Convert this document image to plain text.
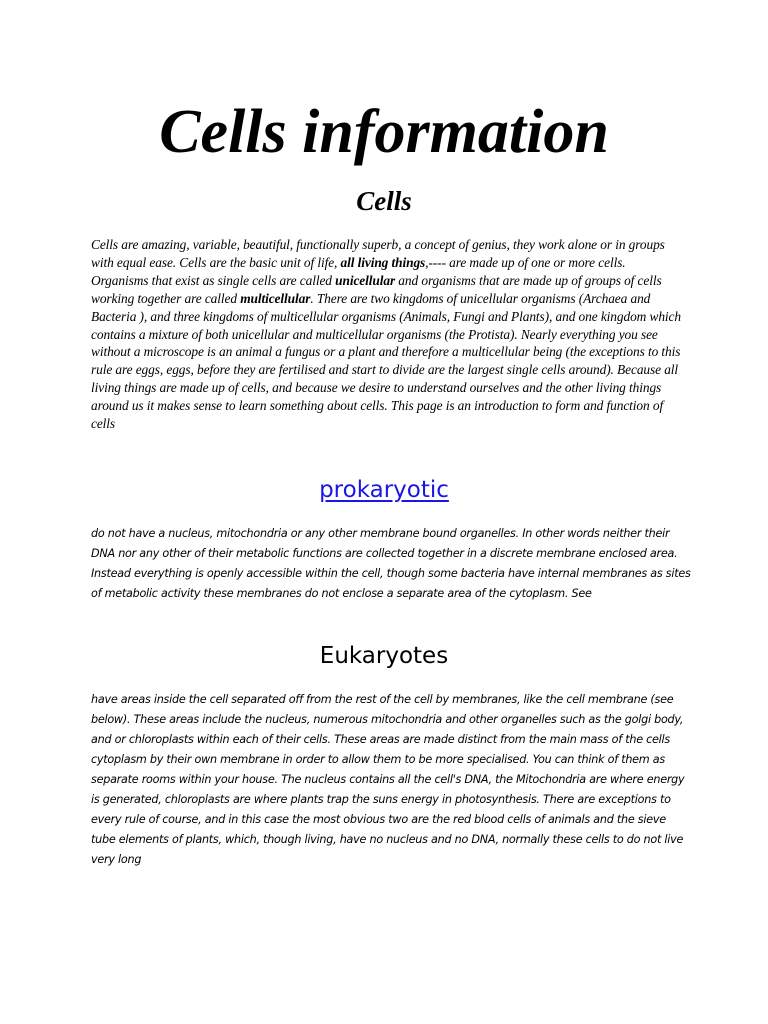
Cells information
Cells

Cells are amazing, variable, beautiful, functionally superb, a concept of genius, they work alone or in groups with equal ease. Cells are the basic unit of life, all living things,---- are made up of one or more cells. Organisms that exist as single cells are called unicellular and organisms that are made up of groups of cells working together are called multicellular. There are two kingdoms of unicellular organisms (Archaea and Bacteria ), and three kingdoms of multicellular organisms (Animals, Fungi and Plants), and one kingdom which contains a mixture of both unicellular and multicellular organisms (the Protista). Nearly everything you see without a microscope is an animal a fungus or a plant and therefore a multicellular being (the exceptions to this rule are eggs, eggs, before they are fertilised and start to divide are the largest single cells around). Because all living things are made up of cells, and because we desire to understand ourselves and the other living things around us it makes sense to learn something about cells. This page is an introduction to form and function of cells

prokaryotic

do not have a nucleus, mitochondria or any other membrane bound organelles. In other words neither their DNA nor any other of their metabolic functions are collected together in a discrete membrane enclosed area. Instead everything is openly accessible within the cell, though some bacteria have internal membranes as sites of metabolic activity these membranes do not enclose a separate area of the cytoplasm. See

Eukaryotes

have areas inside the cell separated off from the rest of the cell by membranes, like the cell membrane (see below). These areas include the nucleus, numerous mitochondria and other organelles such as the golgi body, and or chloroplasts within each of their cells. These areas are made distinct from the main mass of the cells cytoplasm by their own membrane in order to allow them to be more specialised. You can think of them as separate rooms within your house. The nucleus contains all the cell's DNA, the Mitochondria are where energy is generated, chloroplasts are where plants trap the suns energy in photosynthesis. There are exceptions to every rule of course, and in this case the most obvious two are the red blood cells of animals and the sieve tube elements of plants, which, though living, have no nucleus and no DNA, normally these cells to do not live very long
